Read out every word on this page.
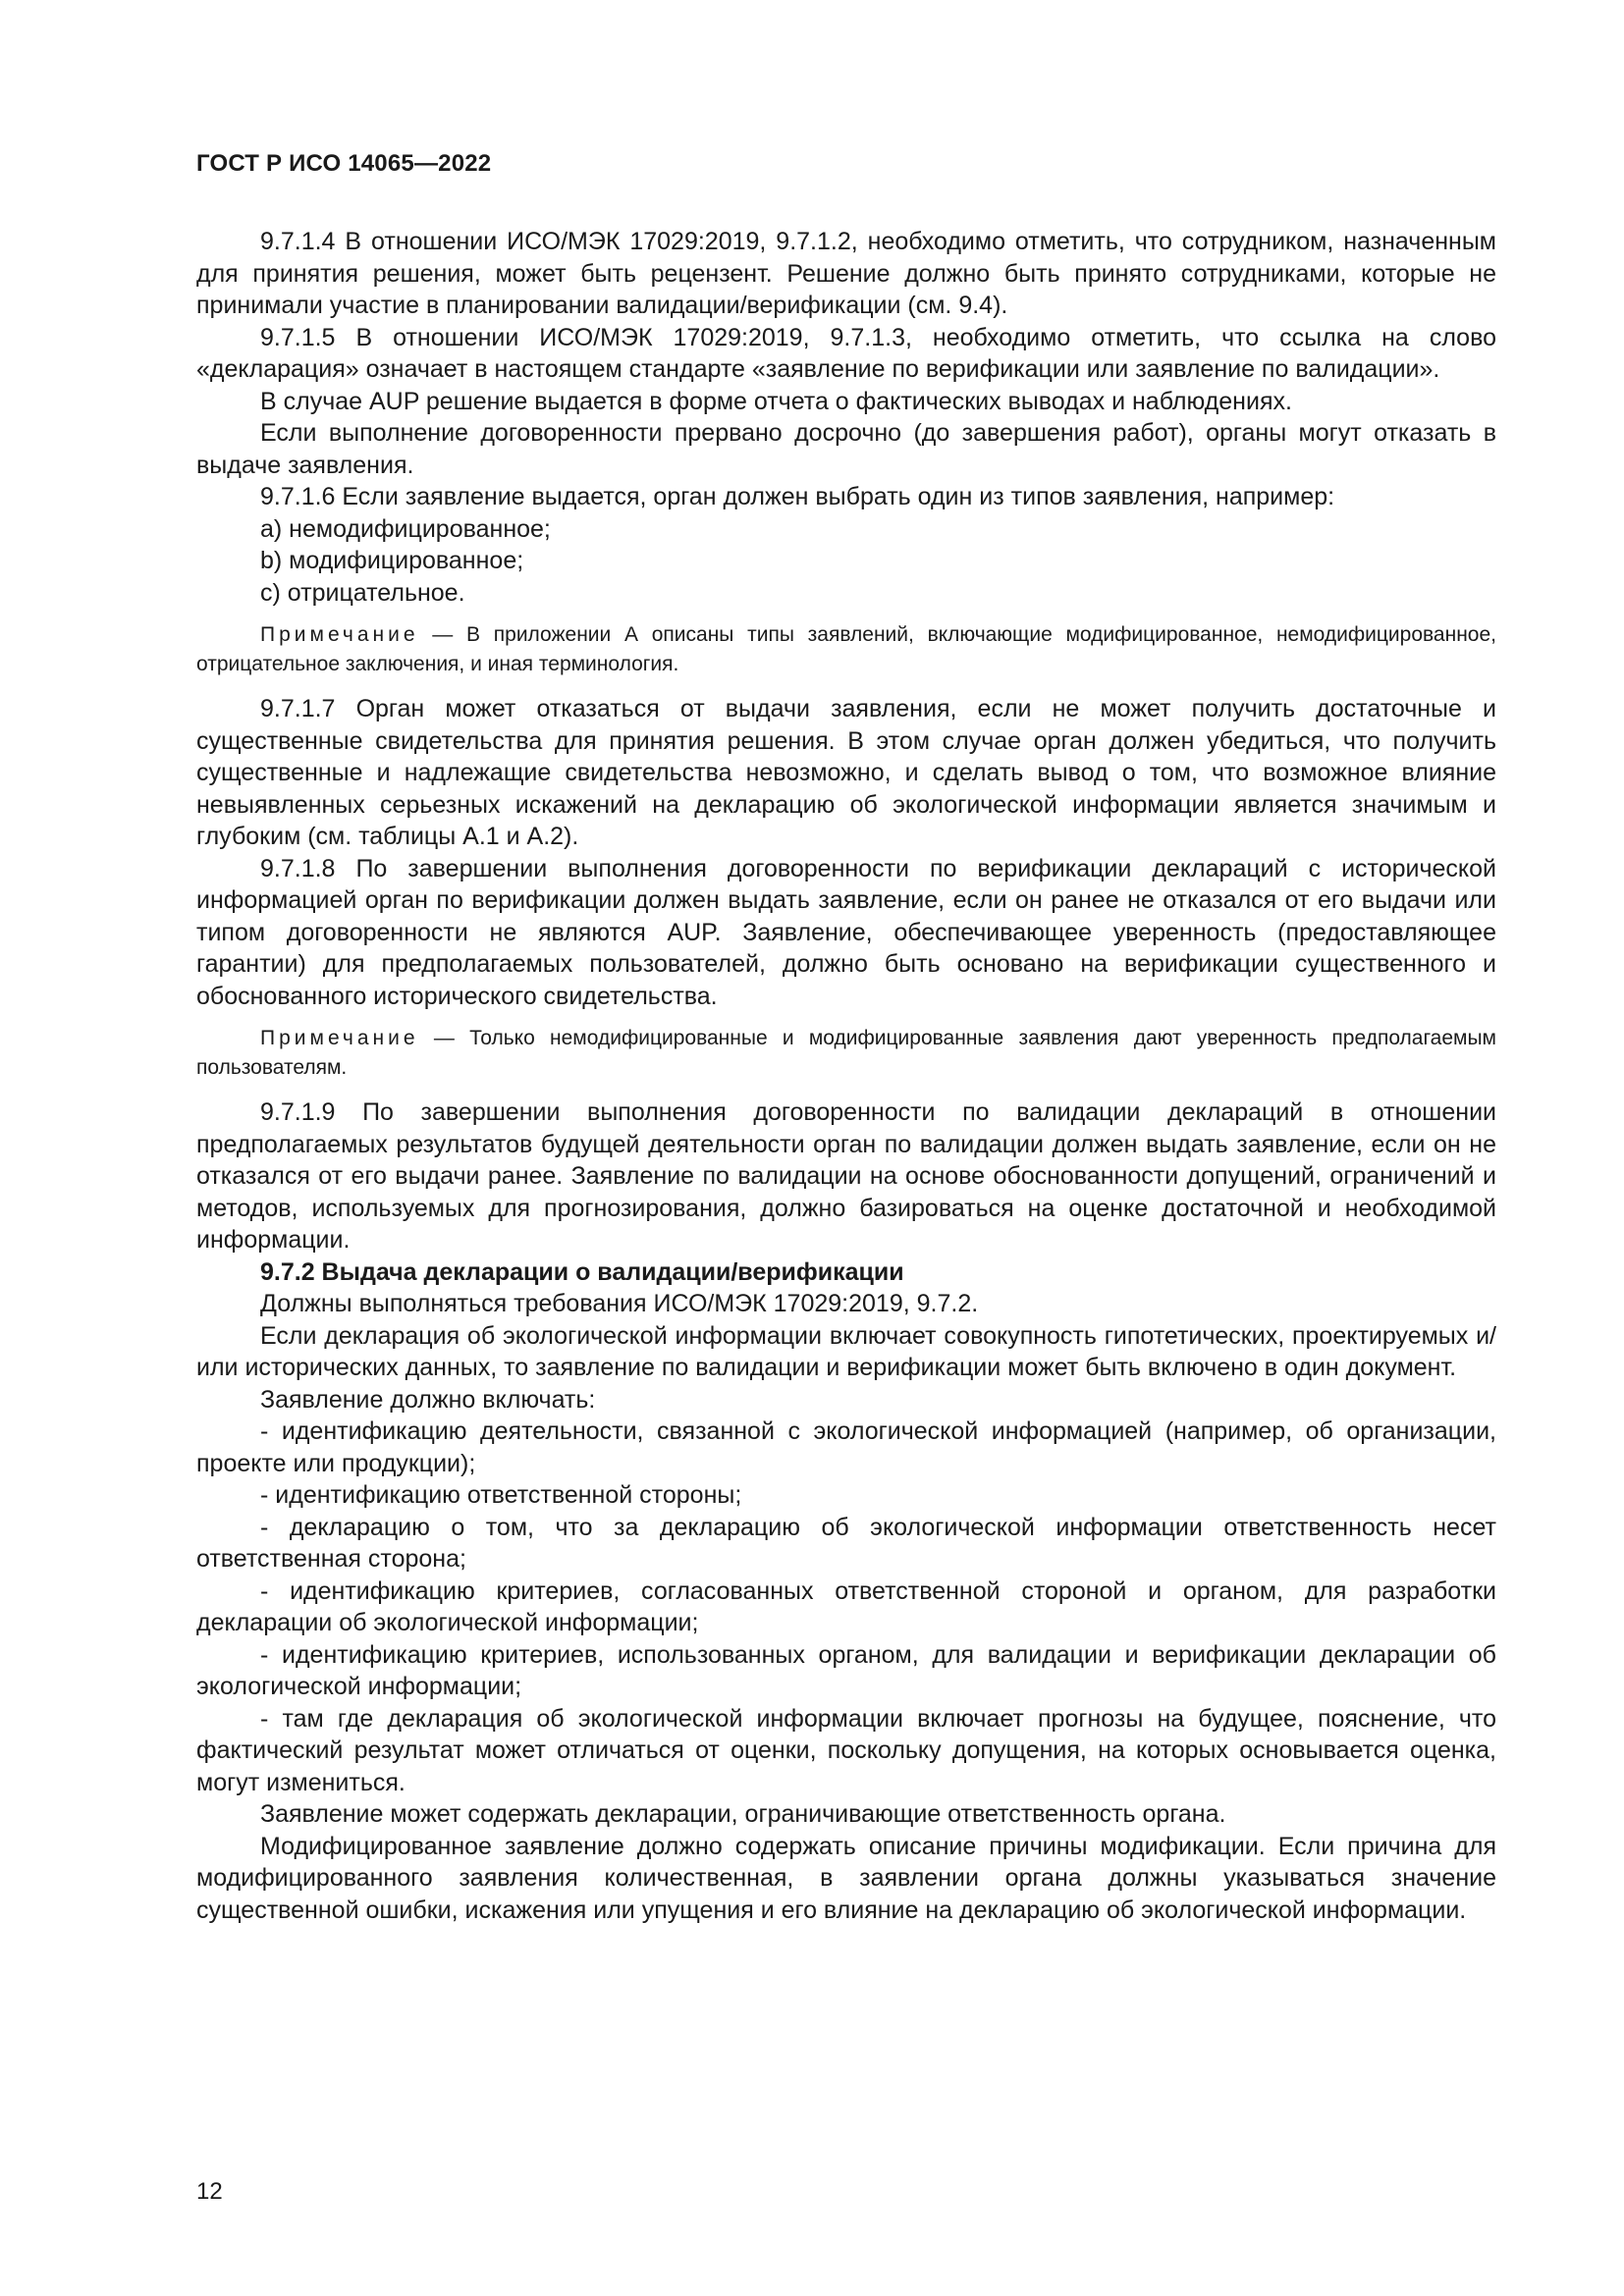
ГОСТ Р ИСО 14065—2022

9.7.1.4 В отношении ИСО/МЭК 17029:2019, 9.7.1.2, необходимо отметить, что сотрудником, назначенным для принятия решения, может быть рецензент. Решение должно быть принято сотрудниками, которые не принимали участие в планировании валидации/верификации (см. 9.4).

9.7.1.5 В отношении ИСО/МЭК 17029:2019, 9.7.1.3, необходимо отметить, что ссылка на слово «декларация» означает в настоящем стандарте «заявление по верификации или заявление по валидации».

В случае AUP решение выдается в форме отчета о фактических выводах и наблюдениях.

Если выполнение договоренности прервано досрочно (до завершения работ), органы могут отказать в выдаче заявления.

9.7.1.6 Если заявление выдается, орган должен выбрать один из типов заявления, например:

a) немодифицированное;

b) модифицированное;

c) отрицательное.

Примечание — В приложении А описаны типы заявлений, включающие модифицированное, немодифицированное, отрицательное заключения, и иная терминология.

9.7.1.7 Орган может отказаться от выдачи заявления, если не может получить достаточные и существенные свидетельства для принятия решения. В этом случае орган должен убедиться, что получить существенные и надлежащие свидетельства невозможно, и сделать вывод о том, что возможное влияние невыявленных серьезных искажений на декларацию об экологической информации является значимым и глубоким (см. таблицы А.1 и А.2).

9.7.1.8 По завершении выполнения договоренности по верификации деклараций с исторической информацией орган по верификации должен выдать заявление, если он ранее не отказался от его выдачи или типом договоренности не являются AUP. Заявление, обеспечивающее уверенность (предоставляющее гарантии) для предполагаемых пользователей, должно быть основано на верификации существенного и обоснованного исторического свидетельства.

Примечание — Только немодифицированные и модифицированные заявления дают уверенность предполагаемым пользователям.

9.7.1.9 По завершении выполнения договоренности по валидации деклараций в отношении предполагаемых результатов будущей деятельности орган по валидации должен выдать заявление, если он не отказался от его выдачи ранее. Заявление по валидации на основе обоснованности допущений, ограничений и методов, используемых для прогнозирования, должно базироваться на оценке достаточной и необходимой информации.

9.7.2 Выдача декларации о валидации/верификации

Должны выполняться требования ИСО/МЭК 17029:2019, 9.7.2.

Если декларация об экологической информации включает совокупность гипотетических, проектируемых и/или исторических данных, то заявление по валидации и верификации может быть включено в один документ.

Заявление должно включать:

- идентификацию деятельности, связанной с экологической информацией (например, об организации, проекте или продукции);

- идентификацию ответственной стороны;

- декларацию о том, что за декларацию об экологической информации ответственность несет ответственная сторона;

- идентификацию критериев, согласованных ответственной стороной и органом, для разработки декларации об экологической информации;

- идентификацию критериев, использованных органом, для валидации и верификации декларации об экологической информации;

- там где декларация об экологической информации включает прогнозы на будущее, пояснение, что фактический результат может отличаться от оценки, поскольку допущения, на которых основывается оценка, могут измениться.

Заявление может содержать декларации, ограничивающие ответственность органа.

Модифицированное заявление должно содержать описание причины модификации. Если причина для модифицированного заявления количественная, в заявлении органа должны указываться значение существенной ошибки, искажения или упущения и его влияние на декларацию об экологической информации.

12
